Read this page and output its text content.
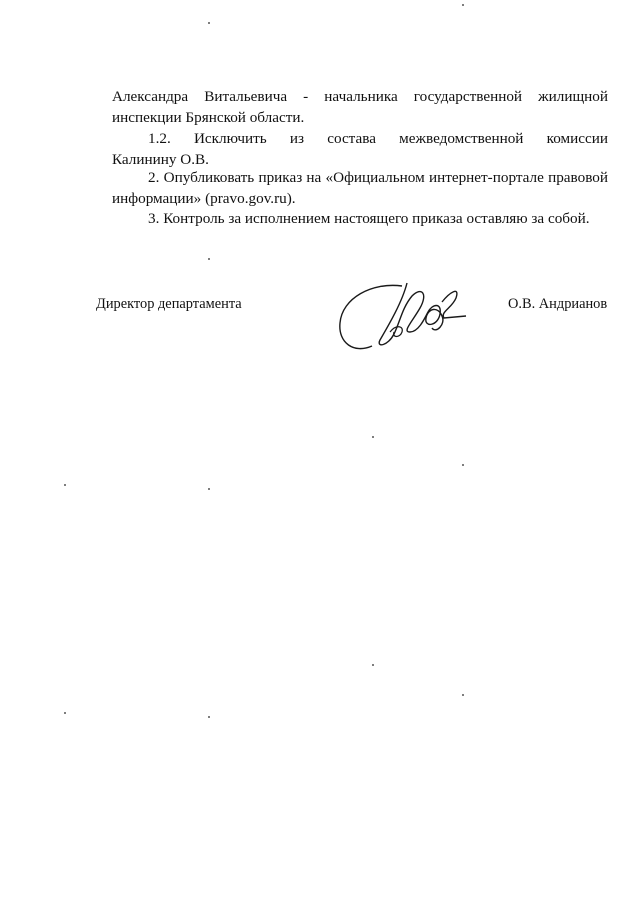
Александра Витальевича - начальника государственной жилищной

инспекции Брянской области.

1.2. Исключить из состава межведомственной комиссии

Калинину О.В.

2. Опубликовать приказ на «Официальном интернет-портале правовой

информации» (pravo.gov.ru).

3. Контроль за исполнением настоящего приказа оставляю за собой.

Директор департамента	О.В. Андрианов
